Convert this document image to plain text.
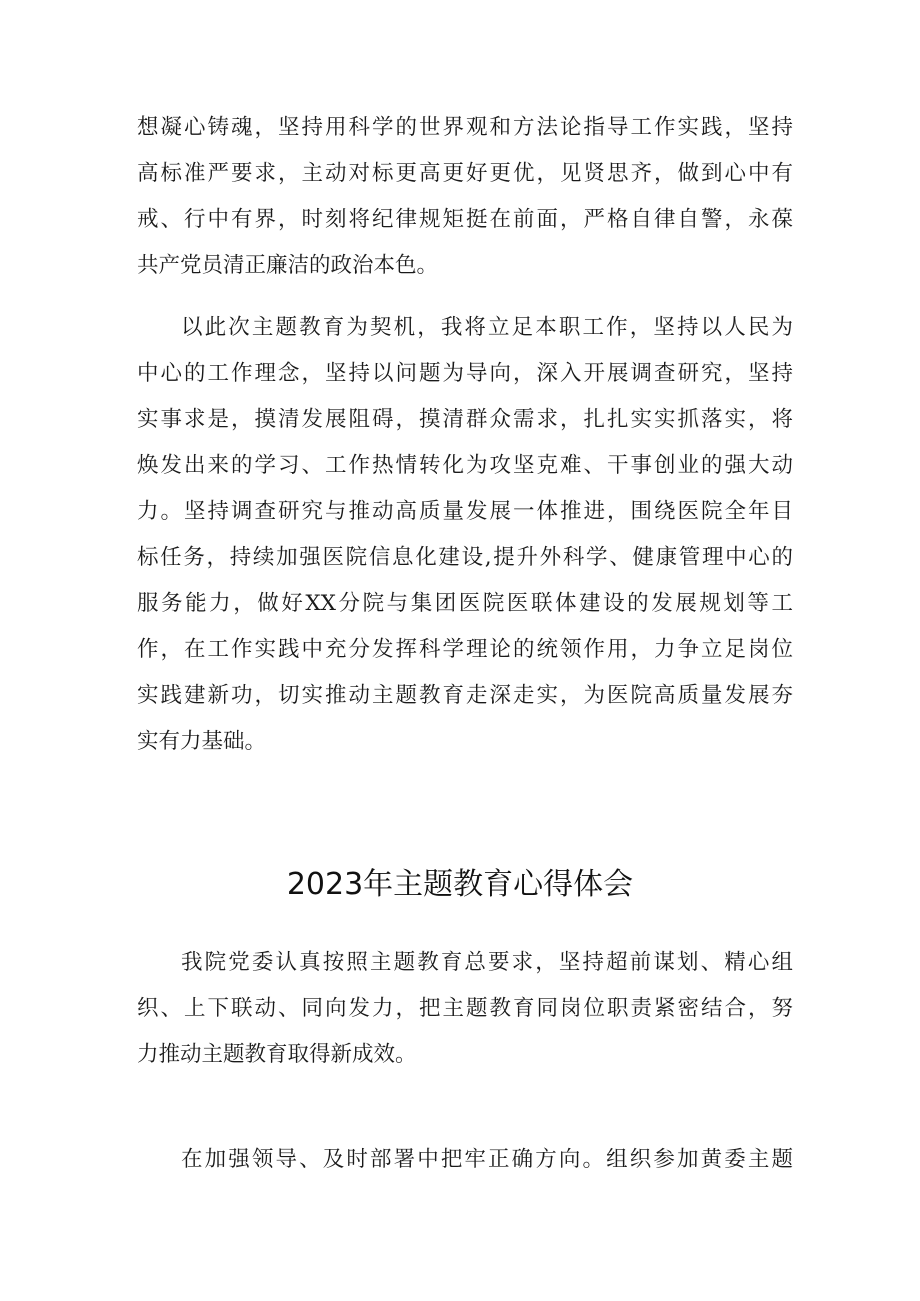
想凝心铸魂，坚持用科学的世界观和方法论指导工作实践，坚持
高标准严要求，主动对标更高更好更优，见贤思齐，做到心中有
戒、行中有界，时刻将纪律规矩挺在前面，严格自律自警，永葆
共产党员清正廉洁的政治本色。
以此次主题教育为契机，我将立足本职工作，坚持以人民为
中心的工作理念，坚持以问题为导向，深入开展调查研究，坚持
实事求是，摸清发展阻碍，摸清群众需求，扎扎实实抓落实，将
焕发出来的学习、工作热情转化为攻坚克难、干事创业的强大动
力。坚持调查研究与推动高质量发展一体推进，围绕医院全年目
标任务，持续加强医院信息化建设,提升外科学、健康管理中心的
服务能力，做好XX分院与集团医院医联体建设的发展规划等工
作，在工作实践中充分发挥科学理论的统领作用，力争立足岗位
实践建新功，切实推动主题教育走深走实，为医院高质量发展夯
实有力基础。
2023年主题教育心得体会
我院党委认真按照主题教育总要求，坚持超前谋划、精心组
织、上下联动、同向发力，把主题教育同岗位职责紧密结合，努
力推动主题教育取得新成效。
在加强领导、及时部署中把牢正确方向。组织参加黄委主题
